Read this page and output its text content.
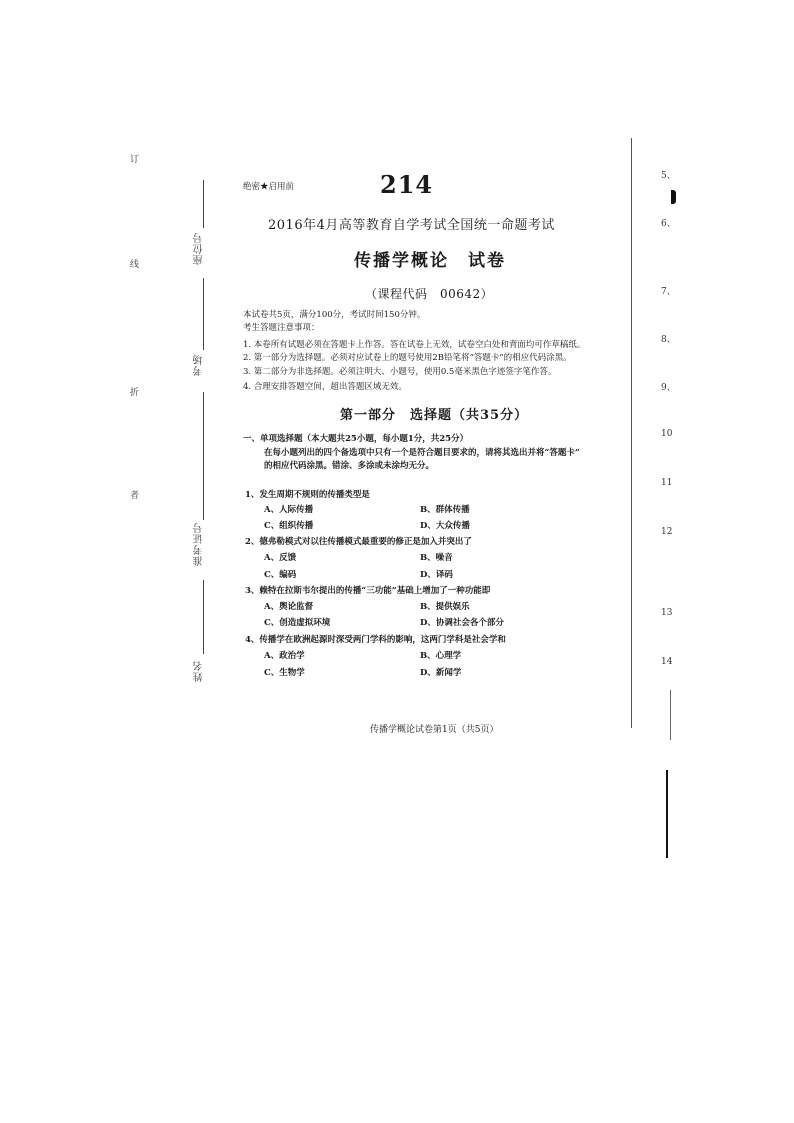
订
线
折
者
座位号
考场
准考证号
姓名
绝密★启用前	214
2016年4月高等教育自学考试全国统一命题考试
传播学概论　试卷
（课程代码　00642）
本试卷共5页，满分100分，考试时间150分钟。
考生答题注意事项：
1. 本卷所有试题必须在答题卡上作答。答在试卷上无效，试卷空白处和背面均可作草稿纸。
2. 第一部分为选择题。必须对应试卷上的题号使用2B铅笔将“答题卡”的相应代码涂黑。
3. 第二部分为非选择题。必须注明大、小题号，使用0.5毫米黑色字迹签字笔作答。
4. 合理安排答题空间，超出答题区域无效。
第一部分　选择题（共35分）
一、单项选择题（本大题共25小题，每小题1分，共25分）
在每小题列出的四个备选项中只有一个是符合题目要求的，请将其选出并将“答题卡”
的相应代码涂黑。错涂、多涂或未涂均无分。
1、发生周期不规则的传播类型是
A、人际传播	B、群体传播
C、组织传播	D、大众传播
2、德弗勒模式对以往传播模式最重要的修正是加入并突出了
A、反馈	B、噪音
C、编码	D、译码
3、赖特在拉斯韦尔提出的传播“三功能”基础上增加了一种功能即
A、舆论监督	B、提供娱乐
C、创造虚拟环境	D、协调社会各个部分
4、传播学在欧洲起源时深受两门学科的影响，这两门学科是社会学和
A、政治学	B、心理学
C、生物学	D、新闻学
传播学概论试卷第1页（共5页）
5、
6、
7、
8、
9、
10
11
12
13
14
